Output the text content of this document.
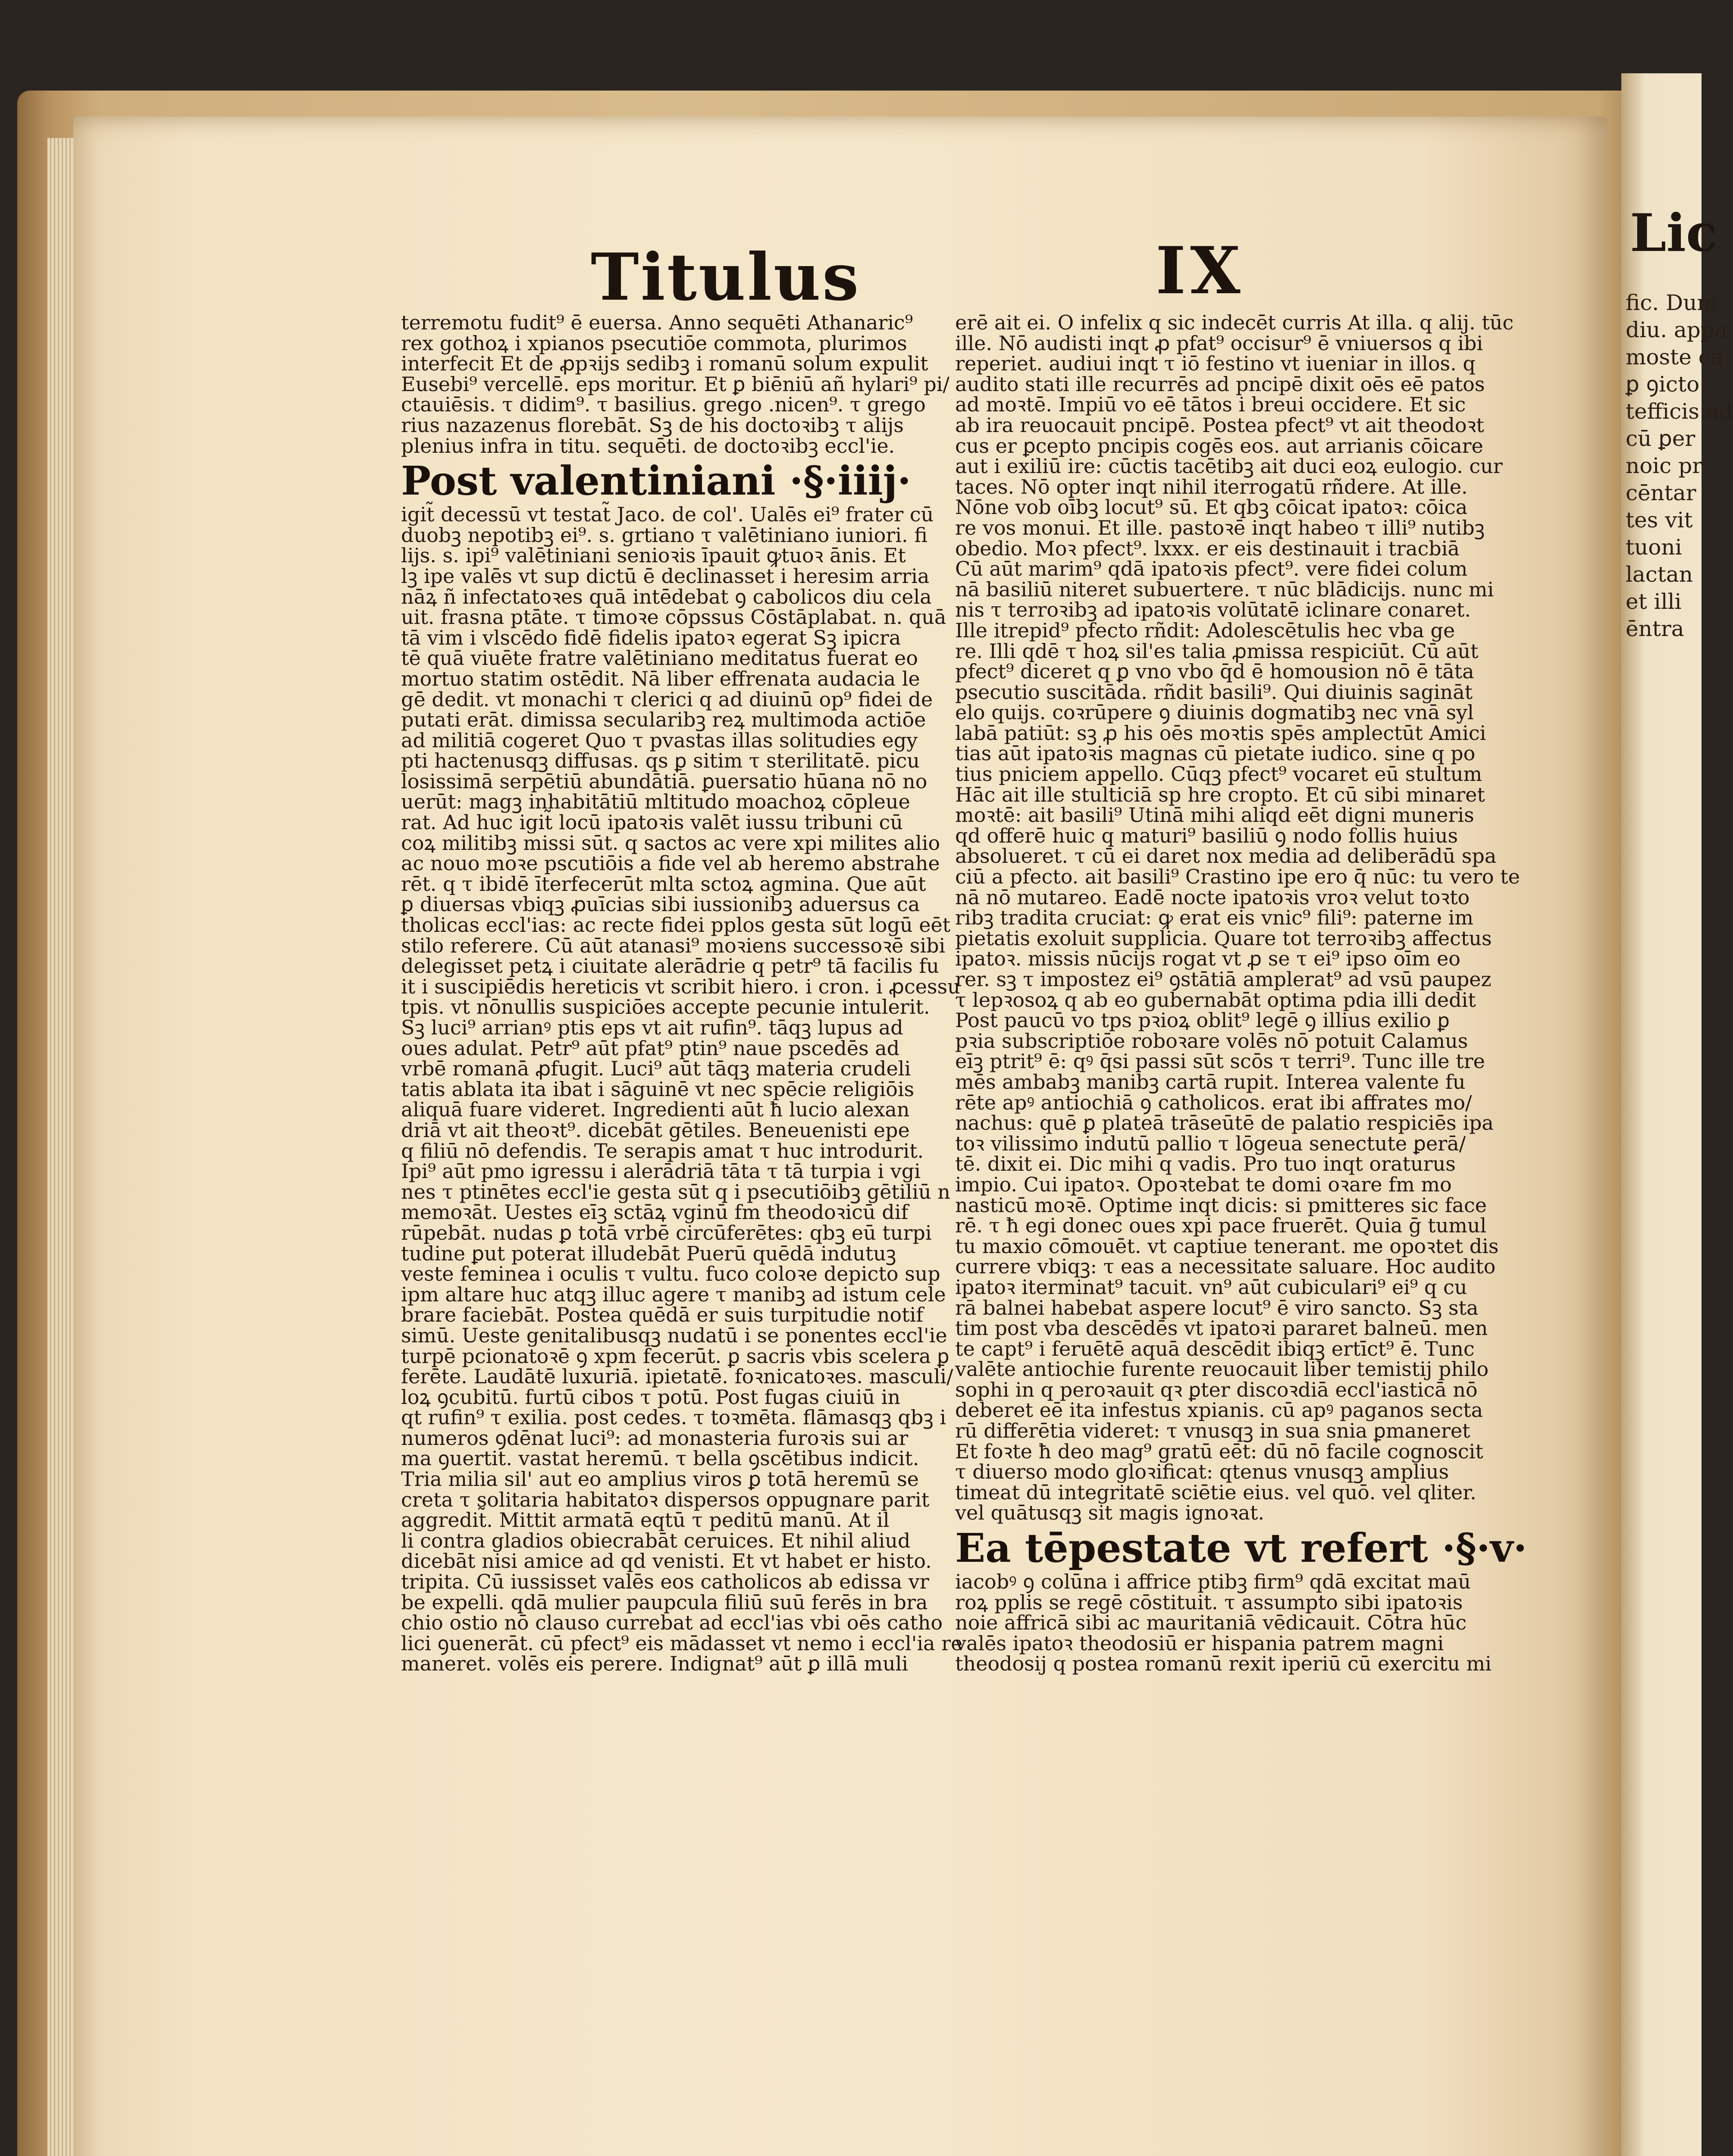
Titulus	IX
terremotu fudit⁹ ē euersa. Anno sequēti Athanaric⁹
rex gothoꝝ i xpianos psecutiōe commota, plurimos
interfecit Et de ꝓpꝛijs sedibꝫ i romanū solum expulit
Eusebi⁹ vercellē. eps moritur. Et ꝑ biēniū añ hylari⁹ pi/
ctauiēsis. τ didim⁹. τ basilius. grego .nicen⁹. τ grego
rius nazazenus florebāt. Sꝫ de his doctoꝛibꝫ τ alijs
plenius infra in titu. sequēti. de doctoꝛibꝫ eccl'ie.
Post valentiniani ·§·iiij·
igit̃ decessū vt testat̃ Jaco. de col'. Ualēs ei⁹ frater cū
duobꝫ nepotibꝫ ei⁹. s. grtiano τ valētiniano iuniori. fi
lijs. s. ipi⁹ valētiniani senioꝛis īpauit ꝙtuoꝛ ānis. Et
lꝫ ipe valēs vt sup dictū ē declinasset i heresim arria
nāꝝ ñ infectatoꝛes quā intēdebat ꝯ cabolicos diu cela
uit. frasna ptāte. τ timoꝛe cōpssus Cōstāplabat. n. quā
tā vim i vlscēdo fidē fidelis ipatoꝛ egerat Sꝫ ipicra
tē quā viuēte fratre valētiniano meditatus fuerat eo
mortuo statim ostēdit. Nā liber effrenata audacia le
gē dedit. vt monachi τ clerici q ad diuinū op⁹ fidei de
putati erāt. dimissa secularibꝫ reꝝ multimoda actiōe
ad militiā cogeret Quo τ pvastas illas solitudies egy
pti hactenusqꝫ diffusas. qs ꝑ sitim τ sterilitatē. picu
losissimā serpētiū abundātiā. ꝑuersatio hūana nō no
uerūt: magꝫ inhabitātiū mltitudo moachoꝝ cōpleue
rat. Ad huc igit̃ locū ipatoꝛis valēt iussu tribuni cū
coꝝ militibꝫ missi sūt. q sactos ac vere xpi milites alio
ac nouo moꝛe pscutiōis a fide vel ab heremo abstrahe
rēt. q τ ibidē īterfecerūt mlta sctoꝝ agmina. Que aūt
ꝑ diuersas vbiqꝫ ꝓuīcias sibi iussionibꝫ aduersus ca
tholicas eccl'ias: ac recte fidei pplos gesta sūt logū eēt
stilo referere. Cū aūt atanasi⁹ moꝛiens successoꝛē sibi
delegisset petꝝ i ciuitate alerādrie q petr⁹ tā facilis fu
it i suscipiēdis hereticis vt scribit hiero. i cron. i ꝓcessu
tpis. vt nōnullis suspiciōes accepte pecunie intulerit.
Sꝫ luci⁹ arrianꝰ ptis eps vt ait rufin⁹. tāqꝫ lupus ad
oues adulat. Petr⁹ aūt pfat⁹ ptin⁹ naue pscedēs ad
vrbē romanā ꝓfugit. Luci⁹ aūt tāqꝫ materia crudeli
tatis ablata ita ibat i sāguinē vt nec spēcie religiōis
aliquā fuare videret. Ingredienti aūt ħ lucio alexan
driā vt ait theoꝛt⁹. dicebāt gētiles. Beneuenisti epe
q filiū nō defendis. Te serapis amat τ huc introdurit.
Ipi⁹ aūt pmo igressu i alerādriā tāta τ tā turpia i vgi
nes τ ptinētes eccl'ie gesta sūt q i psecutiōibꝫ gētiliū n
memoꝛāt. Uestes eīꝫ sctāꝝ vginū fm theodoꝛicū dif
rūpebāt. nudas ꝑ totā vrbē circūferētes: qbꝫ eū turpi
tudine ꝑut poterat illudebāt Puerū quēdā indutuꝫ
veste feminea i oculis τ vultu. fuco coloꝛe depicto sup
ipm altare huc atqꝫ illuc agere τ manibꝫ ad istum cele
brare faciebāt. Postea quēdā er suis turpitudie notif
simū. Ueste genitalibusqꝫ nudatū i se ponentes eccl'ie
turpē pcionatoꝛē ꝯ xpm fecerūt. ꝑ sacris vbis scelera ꝑ
ferēte. Laudātē luxuriā. ipietatē. foꝛnicatoꝛes. masculi/
loꝝ ꝯcubitū. furtū cibos τ potū. Post fugas ciuiū in
qt rufin⁹ τ exilia. post cedes. τ toꝛmēta. flāmasqꝫ qbꝫ i
numeros ꝯdēnat luci⁹: ad monasteria furoꝛis sui ar
ma ꝯuertit. vastat heremū. τ bella ꝯscētibus indicit.
Tria milia sil' aut eo amplius viros ꝑ totā heremū se
creta τ solitaria habitatoꝛ dispersos oppugnare parit
aggredit̃. Mittit armatā eqtū τ peditū manū. At il
li contra gladios obiecrabāt ceruices. Et nihil aliud
dicebāt nisi amice ad qd venisti. Et vt habet er histo.
tripita. Cū iussisset valēs eos catholicos ab edissa vr
be expelli. qdā mulier paupcula filiū suū ferēs in bra
chio ostio nō clauso currebat ad eccl'ias vbi oēs catho
lici ꝯuenerāt. cū pfect⁹ eis mādasset vt nemo i eccl'ia re
maneret. volēs eis perere. Indignat⁹ aūt ꝑ illā muli
erē ait ei. O infelix q sic indecēt curris At illa. q alij. tūc
ille. Nō audisti inqt ꝓ pfat⁹ occisur⁹ ē vniuersos q ibi
reperiet. audiui inqt τ iō festino vt iueniar in illos. q
audito stati ille recurrēs ad pncipē dixit oēs eē patos
ad moꝛtē. Impiū vo eē tātos i breui occidere. Et sic
ab ira reuocauit pncipē. Postea pfect⁹ vt ait theodoꝛt
cus er ꝑcepto pncipis cogēs eos. aut arrianis cōicare
aut i exiliū ire: cūctis tacētibꝫ ait duci eoꝝ eulogio. cur
taces. Nō opter inqt nihil iterrogatū rñdere. At ille.
Nōne vob oībꝫ locut⁹ sū. Et qbꝫ cōicat ipatoꝛ: cōica
re vos monui. Et ille. pastoꝛē inqt habeo τ illi⁹ nutibꝫ
obedio. Moꝛ pfect⁹. lxxx. er eis destinauit i tracbiā
Cū aūt marim⁹ qdā ipatoꝛis pfect⁹. vere fidei colum
nā basiliū niteret subuertere. τ nūc blādicijs. nunc mi
nis τ terroꝛibꝫ ad ipatoꝛis volūtatē iclinare conaret.
Ille itrepid⁹ pfecto rñdit: Adolescētulis hec vba ge
re. Illi qdē τ hoꝝ sil'es talia ꝓmissa respiciūt. Cū aūt
pfect⁹ diceret q ꝑ vno vbo q̄d ē homousion nō ē tāta
psecutio suscitāda. rñdit basili⁹. Qui diuinis sagināt
elo quijs. coꝛrūpere ꝯ diuinis dogmatibꝫ nec vnā syl
labā patiūt: sꝫ ꝓ his oēs moꝛtis spēs amplectūt Amici
tias aūt ipatoꝛis magnas cū pietate iudico. sine q po
tius pniciem appello. Cūqꝫ pfect⁹ vocaret eū stultum
Hāc ait ille stulticiā sp hre cropto. Et cū sibi minaret
moꝛtē: ait basili⁹ Utinā mihi aliqd eēt digni muneris
qd offerē huic q maturi⁹ basiliū ꝯ nodo follis huius
absolueret. τ cū ei daret nox media ad deliberādū spa
ciū a pfecto. ait basili⁹ Crastino ipe ero q̄ nūc: tu vero te
nā nō mutareo. Eadē nocte ipatoꝛis vroꝛ velut toꝛto
ribꝫ tradita cruciat: ꝙ erat eis vnic⁹ fili⁹: paterne im
pietatis exoluit supplicia. Quare tot terroꝛibꝫ affectus
ipatoꝛ. missis nūcijs rogat vt ꝓ se τ ei⁹ ipso oīm eo
rer. sꝫ τ impostez ei⁹ ꝯstātiā amplerat⁹ ad vsū paupez
τ lepꝛosoꝝ q ab eo gubernabāt optima pdia illi dedit
Post paucū vo tps pꝛioꝝ oblit⁹ legē ꝯ illius exilio ꝑ
pꝛia subscriptiōe roboꝛare volēs nō potuit Calamus
eīꝫ ptrit⁹ ē: qꝰ q̄si passi sūt scōs τ terri⁹. Tunc ille tre
mēs ambabꝫ manibꝫ cartā rupit. Interea valente fu
rēte apꝰ antiochiā ꝯ catholicos. erat ibi affrates mo/
nachus: quē ꝑ plateā trāseūtē de palatio respiciēs ipa
toꝛ vilissimo indutū pallio τ lōgeua senectute ꝑerā/
tē. dixit ei. Dic mihi q vadis. Pro tuo inqt oraturus
impio. Cui ipatoꝛ. Opoꝛtebat te domi oꝛare fm mo
nasticū moꝛē. Optime inqt dicis: si pmitteres sic face
rē. τ ħ egi donec oues xpi pace fruerēt. Quia ḡ tumul
tu maxio cōmouēt. vt captiue tenerant. me opoꝛtet dis
currere vbiqꝫ: τ eas a necessitate saluare. Hoc audito
ipatoꝛ iterminat⁹ tacuit. vn⁹ aūt cubiculari⁹ ei⁹ q cu
rā balnei habebat aspere locut⁹ ē viro sancto. Sꝫ sta
tim post vba descēdēs vt ipatoꝛi pararet balneū. men
te capt⁹ i feruētē aquā descēdit ibiqꝫ ertīct⁹ ē. Tunc
valēte antiochie furente reuocauit liber temistij philo
sophi in q peroꝛauit qꝛ ꝑter discoꝛdiā eccl'iasticā nō
deberet eē ita infestus xpianis. cū apꝰ paganos secta
rū differētia videret: τ vnusqꝫ in sua snia ꝑmaneret
Et foꝛte ħ deo mag⁹ gratū eēt: dū nō facile cognoscit
τ diuerso modo gloꝛificat: qtenus vnusqꝫ amplius
timeat dū integritatē sciētie eius. vel quō. vel qliter.
vel quātusqꝫ sit magis ignoꝛat.
Ea tēpestate vt refert ·§·v·
iacobꝰ ꝯ colūna i affrice ptibꝫ firm⁹ qdā excitat maū
roꝝ pplis se regē cōstituit. τ assumpto sibi ipatoꝛis
noie affricā sibi ac mauritaniā vēdicauit. Cōtra hūc
valēs ipatoꝛ theodosiū er hispania patrem magni
theodosij q postea romanū rexit iperiū cū exercitu mi
Lic
fic. Dum
diu. appa
moste ca
ꝑ ꝯicto
tefficis ad
cū ꝑer
noic pr
cēntar
tes vit
tuoni
lactan
et illi
ēntra
